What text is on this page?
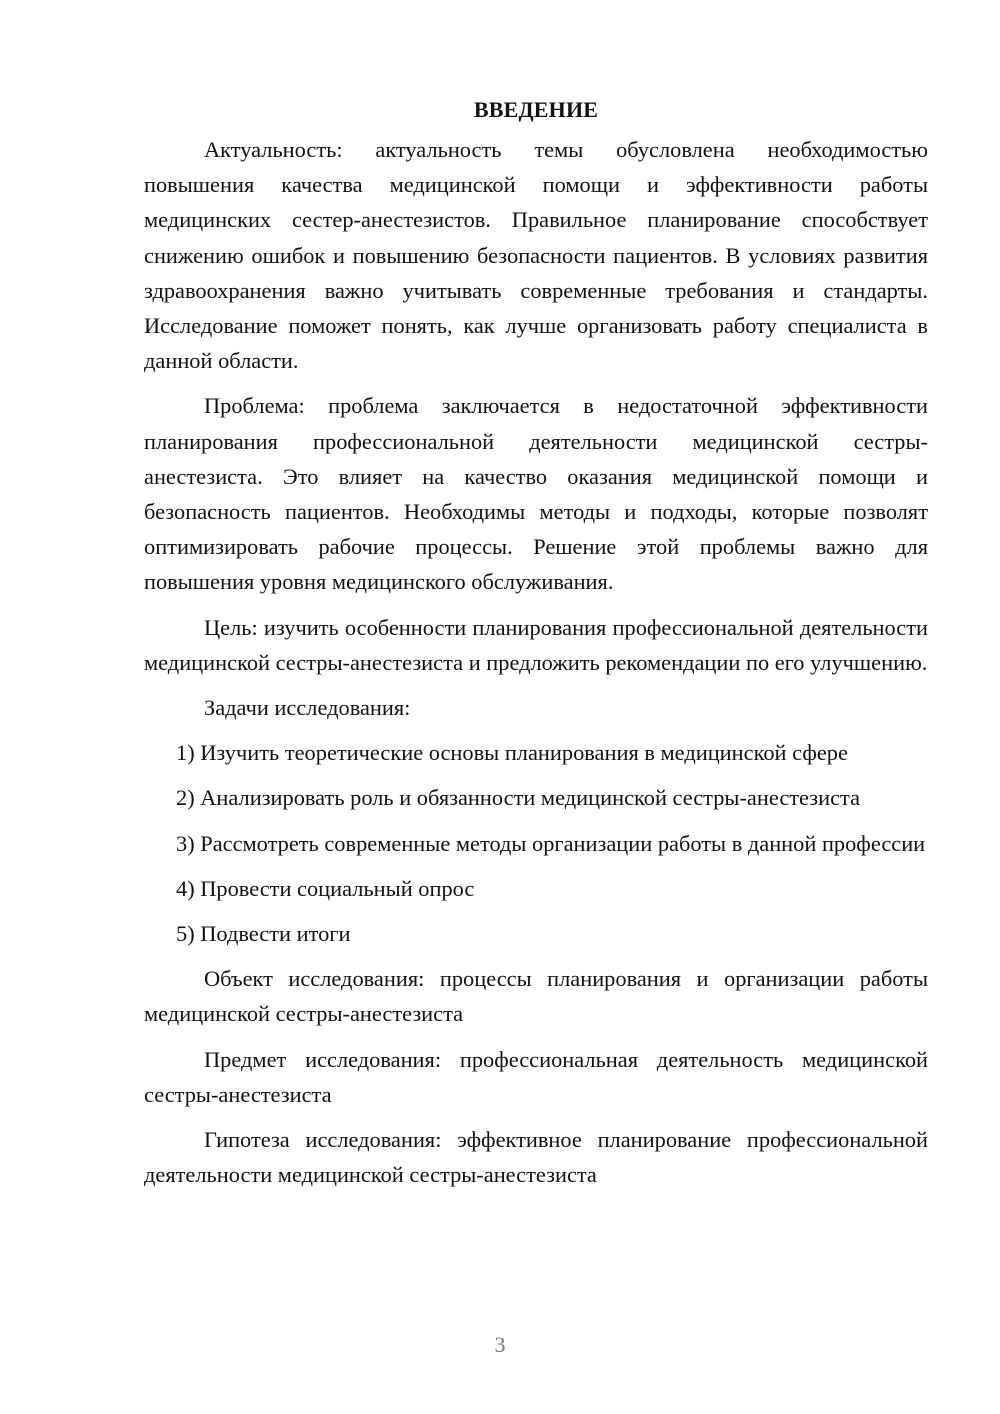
ВВЕДЕНИЕ

Актуальность: актуальность темы обусловлена необходимостью повышения качества медицинской помощи и эффективности работы медицинских сестер-анестезистов. Правильное планирование способствует снижению ошибок и повышению безопасности пациентов. В условиях развития здравоохранения важно учитывать современные требования и стандарты. Исследование поможет понять, как лучше организовать работу специалиста в данной области.

Проблема: проблема заключается в недостаточной эффективности планирования профессиональной деятельности медицинской сестры-анестезиста. Это влияет на качество оказания медицинской помощи и безопасность пациентов. Необходимы методы и подходы, которые позволят оптимизировать рабочие процессы. Решение этой проблемы важно для повышения уровня медицинского обслуживания.

Цель: изучить особенности планирования профессиональной деятельности медицинской сестры-анестезиста и предложить рекомендации по его улучшению.

Задачи исследования:

1) Изучить теоретические основы планирования в медицинской сфере

2) Анализировать роль и обязанности медицинской сестры-анестезиста

3) Рассмотреть современные методы организации работы в данной профессии

4) Провести социальный опрос

5) Подвести итоги

Объект исследования: процессы планирования и организации работы медицинской сестры-анестезиста

Предмет исследования: профессиональная деятельность медицинской сестры-анестезиста

Гипотеза исследования: эффективное планирование профессиональной деятельности медицинской сестры-анестезиста

3
